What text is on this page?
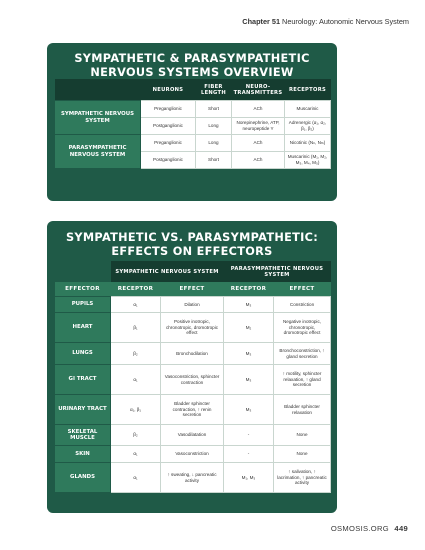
Chapter 51 Neurology: Autonomic Nervous System
SYMPATHETIC & PARASYMPATHETIC
NERVOUS SYSTEMS OVERVIEW
	NEURONS	FIBER LENGTH	NEURO-TRANSMITTERS	RECEPTORS
SYMPATHETIC NERVOUS SYSTEM	Preganglionic	Short	ACh	Muscarinic
	Postganglionic	Long	Norepinephrine, ATP, neuropeptide Y	Adrenergic (α₁, α₂, β₁, β₂)
PARASYMPATHETIC NERVOUS SYSTEM	Preganglionic	Long	ACh	Nicotinic (Nₙ, Nₘ)
	Postganglionic	Short	ACh	Muscarinic (M₁, M₂, M₃, M₄, M₅)
SYMPATHETIC VS. PARASYMPATHETIC:
EFFECTS ON EFFECTORS
	SYMPATHETIC NERVOUS SYSTEM		PARASYMPATHETIC NERVOUS SYSTEM	
EFFECTOR	RECEPTOR	EFFECT	RECEPTOR	EFFECT
PUPILS	α₁	Dilation	M₃	Constriction
HEART	β₁	Positive inotropic, chronotropic, dromotropic effect	M₂	Negative inotropic, chronotropic, dromotropic effect
LUNGS	β₂	Bronchodilation	M₃	Bronchoconstriction, ↑ gland secretion
GI TRACT	α₁	Vasoconstriction, sphincter contraction	M₃	↑ motility, sphincter relaxation, ↑ gland secretion
URINARY TRACT	α₁, β₁	Bladder sphincter contraction, ↑ renin secretion	M₃	Bladder sphincter relaxation
SKELETAL MUSCLE	β₂	Vasodilatation	-	None
SKIN	α₁	Vasoconstriction	-	None
GLANDS	α₁	↑ sweating, ↓ pancreatic activity	M₁, M₃	↑ salivation, ↑ lacrimation, ↑ pancreatic activity
OSMOSIS.ORG 449
